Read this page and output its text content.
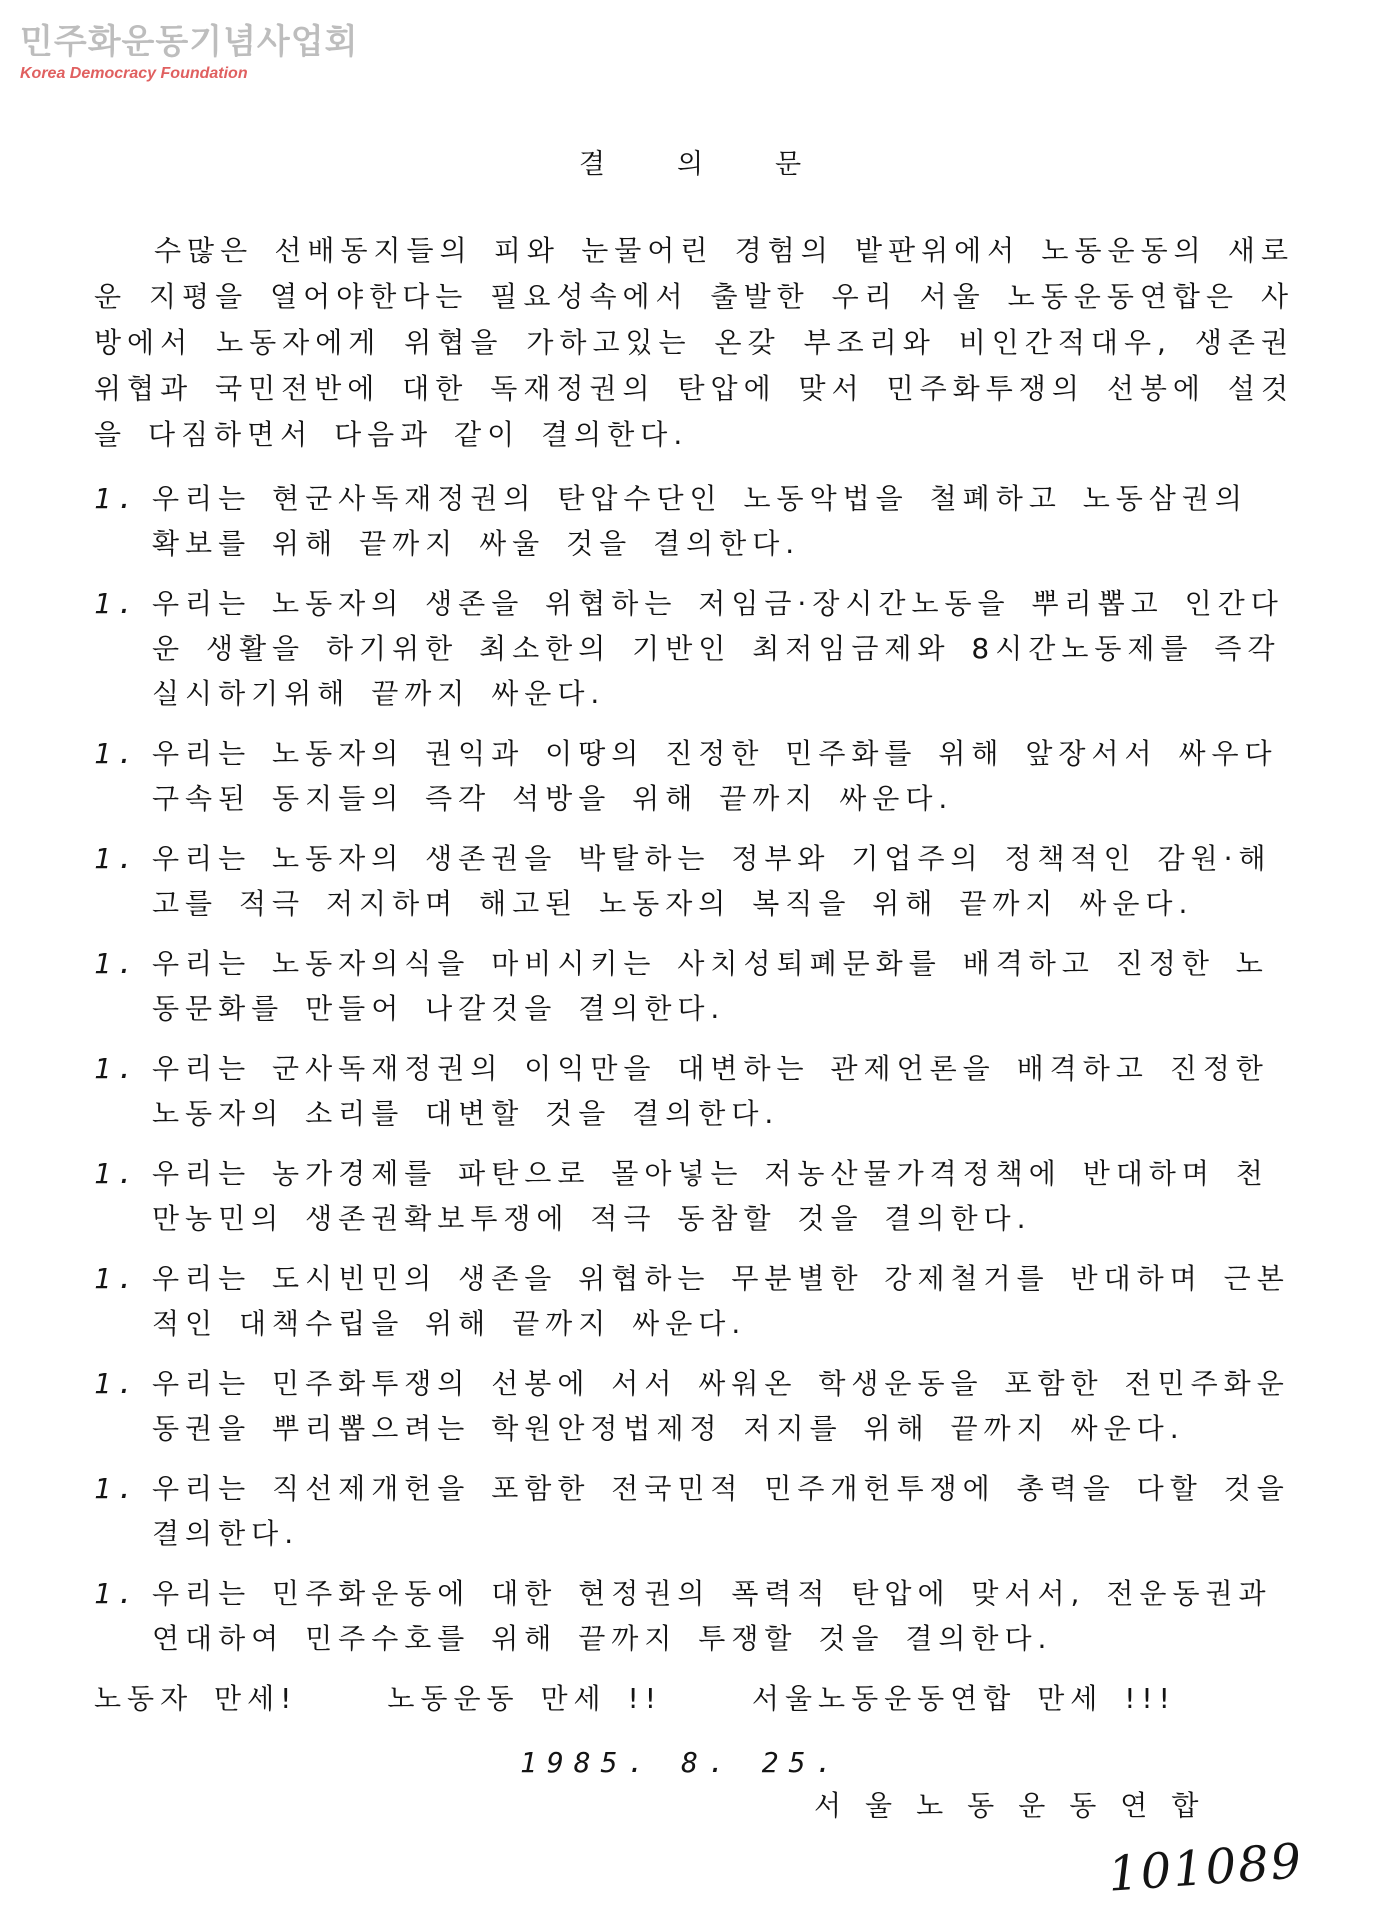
민주화운동기념사업회
Korea Democracy Foundation
결의문

수많은 선배동지들의 피와 눈물어린 경험의 밭판위에서 노동운동의 새로운 지평을 열어야한다는 필요성속에서 출발한 우리 서울 노동운동연합은 사방에서 노동자에게 위협을 가하고있는 온갖 부조리와 비인간적대우, 생존권위협과 국민전반에 대한 독재정권의 탄압에 맞서 민주화투쟁의 선봉에 설것을 다짐하면서 다음과 같이 결의한다.

1. 우리는 현군사독재정권의 탄압수단인 노동악법을 철폐하고 노동삼권의 확보를 위해 끝까지 싸울 것을 결의한다.
1. 우리는 노동자의 생존을 위협하는 저임금·장시간노동을 뿌리뽑고 인간다운 생활을 하기위한 최소한의 기반인 최저임금제와 8시간노동제를 즉각실시하기위해 끝까지 싸운다.
1. 우리는 노동자의 권익과 이땅의 진정한 민주화를 위해 앞장서서 싸우다 구속된 동지들의 즉각 석방을 위해 끝까지 싸운다.
1. 우리는 노동자의 생존권을 박탈하는 정부와 기업주의 정책적인 감원·해고를 적극 저지하며 해고된 노동자의 복직을 위해 끝까지 싸운다.
1. 우리는 노동자의식을 마비시키는 사치성퇴폐문화를 배격하고 진정한 노동문화를 만들어 나갈것을 결의한다.
1. 우리는 군사독재정권의 이익만을 대변하는 관제언론을 배격하고 진정한 노동자의 소리를 대변할 것을 결의한다.
1. 우리는 농가경제를 파탄으로 몰아넣는 저농산물가격정책에 반대하며 천만농민의 생존권확보투쟁에 적극 동참할 것을 결의한다.
1. 우리는 도시빈민의 생존을 위협하는 무분별한 강제철거를 반대하며 근본적인 대책수립을 위해 끝까지 싸운다.
1. 우리는 민주화투쟁의 선봉에 서서 싸워온 학생운동을 포함한 전민주화운동권을 뿌리뽑으려는 학원안정법제정 저지를 위해 끝까지 싸운다.
1. 우리는 직선제개헌을 포함한 전국민적 민주개헌투쟁에 총력을 다할 것을 결의한다.
1. 우리는 민주화운동에 대한 현정권의 폭력적 탄압에 맞서서, 전운동권과 연대하여 민주수호를 위해 끝까지 투쟁할 것을 결의한다.
노동자 만세!	노동운동 만세 !!	서울노동운동연합 만세 !!!
1985. 8. 25.
서울노동운동연합
101089
